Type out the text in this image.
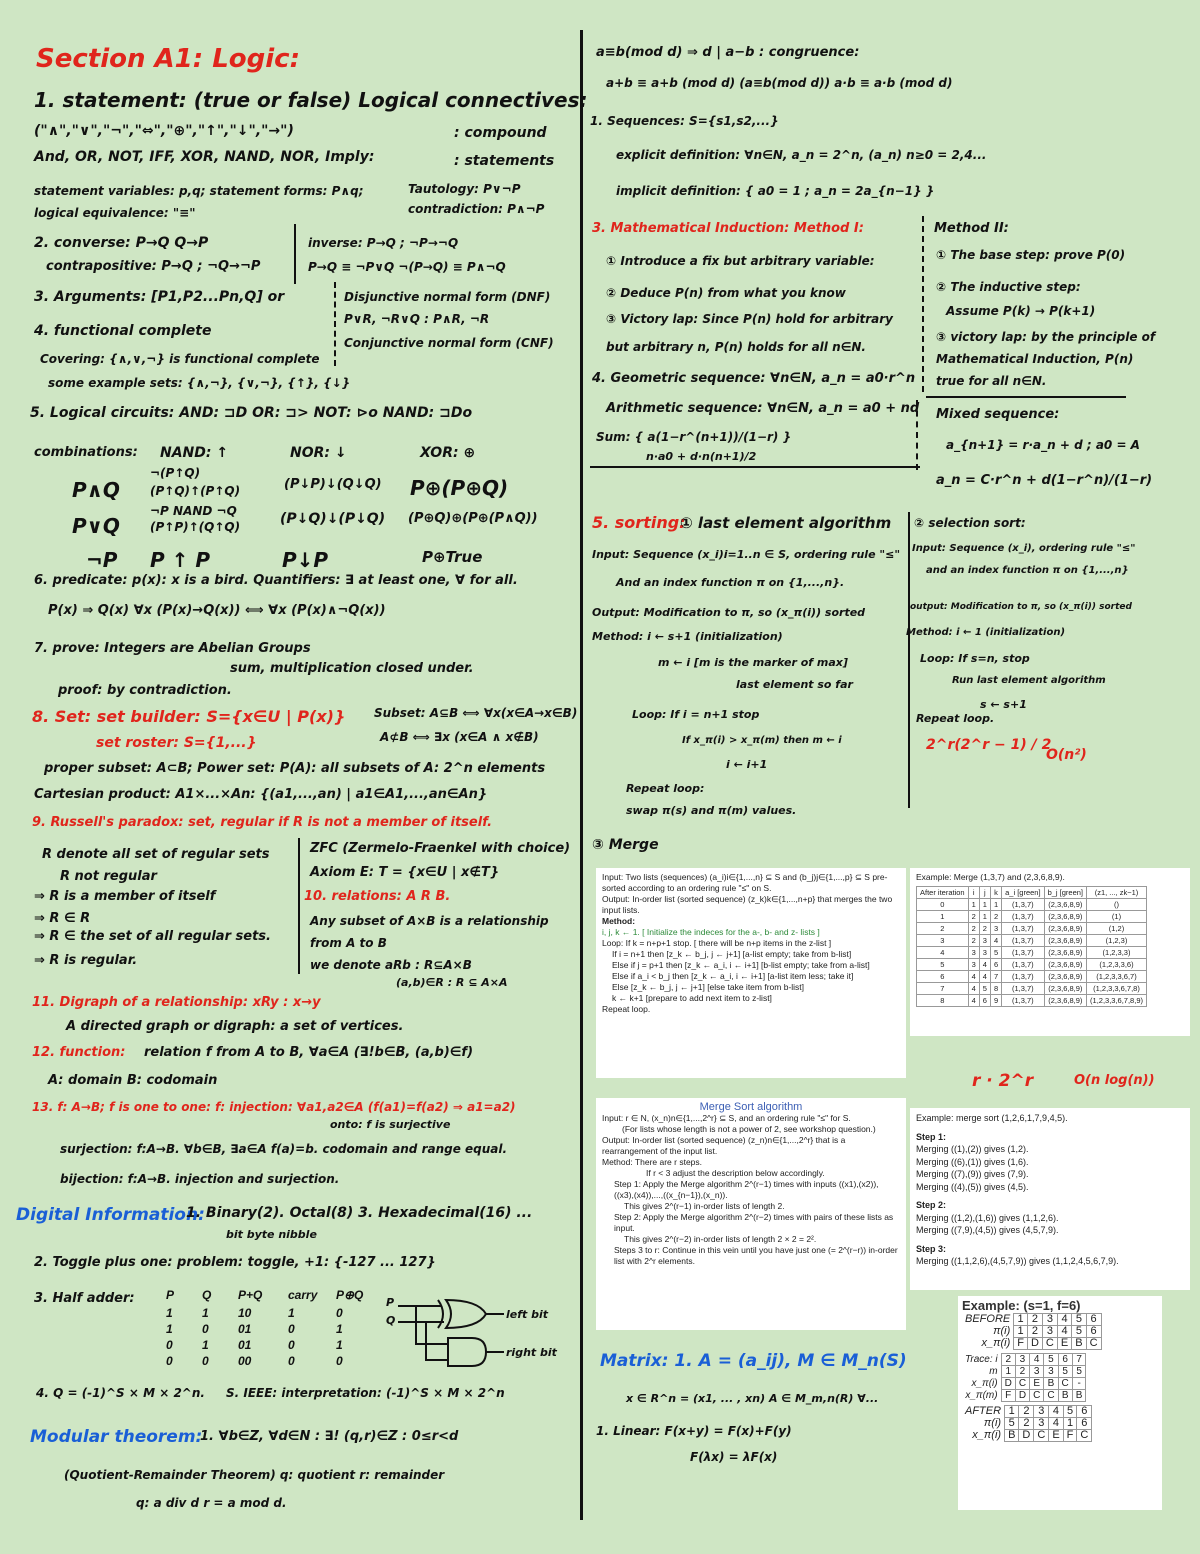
Section A1: Logic:
1. statement: (true or false) Logical connectives:
("∧","∨","¬","⇔","⊕","↑","↓","→")	: compound
And, OR, NOT, IFF, XOR, NAND, NOR, Imply:	: statements
statement variables: p,q; statement forms: P∧q;	Tautology: P∨¬P
logical equivalence: "≡"	contradiction: P∧¬P
2. converse: P→Q Q→P	inverse: P→Q ; ¬P→¬Q
contrapositive: P→Q ; ¬Q→¬P	P→Q ≡ ¬P∨Q ¬(P→Q) ≡ P∧¬Q
3. Arguments: [P1,P2...Pn,Q] or	Disjunctive normal form (DNF)
P∨R, ¬R∨Q : P∧R, ¬R
4. functional complete
Conjunctive normal form (CNF)
Covering: {∧,∨,¬} is functional complete
some example sets: {∧,¬}, {∨,¬}, {↑}, {↓}
5. Logical circuits: AND: ⊐D OR: ⊐> NOT: ⊳o NAND: ⊐Do
combinations: NAND: ↑	NOR: ↓	XOR: ⊕
¬(P↑Q)
P∧Q	(P↑Q)↑(P↑Q)	(P↓P)↓(Q↓Q) P⊕(P⊕Q)
¬P NAND ¬Q
P∨Q	(P↑P)↑(Q↑Q)	(P↓Q)↓(P↓Q) (P⊕Q)⊕(P⊕(P∧Q))
¬P P ↑ P	P↓P	P⊕True
6. predicate: p(x): x is a bird. Quantifiers: ∃ at least one, ∀ for all.
P(x) ⇒ Q(x) ∀x (P(x)→Q(x)) ⟺ ∀x (P(x)∧¬Q(x))
7. prove: Integers are Abelian Groups
sum, multiplication closed under.
proof: by contradiction.
8. Set: set builder: S={x∈U | P(x)} Subset: A⊆B ⟺ ∀x(x∈A→x∈B)
set roster: S={1,...}	A⊄B ⟺ ∃x (x∈A ∧ x∉B)
proper subset: A⊂B; Power set: P(A): all subsets of A: 2^n elements
Cartesian product: A1×...×An: {(a1,...,an) | a1∈A1,...,an∈An}
9. Russell's paradox: set, regular if R is not a member of itself.
R denote all set of regular sets	ZFC (Zermelo-Fraenkel with choice)
R not regular	Axiom E: T = {x∈U | x∉T}
⇒ R is a member of itself	10. relations: A R B.
⇒ R ∈ R	Any subset of A×B is a relationship
⇒ R ∈ the set of all regular sets.	from A to B
⇒ R is regular.	we denote aRb : R⊆A×B
(a,b)∈R : R ⊆ A×A
11. Digraph of a relationship: xRy : x→y
A directed graph or digraph: a set of vertices.
12. function: relation f from A to B, ∀a∈A (∃!b∈B, (a,b)∈f)
A: domain B: codomain
13. f: A→B; f is one to one: f: injection: ∀a1,a2∈A (f(a1)=f(a2) ⇒ a1=a2)
onto: f is surjective
surjection: f:A→B. ∀b∈B, ∃a∈A f(a)=b. codomain and range equal.
bijection: f:A→B. injection and surjection.
Digital Information:
1. Binary(2). Octal(8) 3. Hexadecimal(16) ...
bit byte nibble
2. Toggle plus one: problem: toggle, +1: {-127 ... 127}
3. Half adder:	P	Q	P+Q	carry	P⊕Q
1	1	10	1	0
1	0	01	0	1
0	1	01	0	1
0	0	00	0	0
P
Q	left bit
right bit
4. Q = (-1)^S × M × 2^n. S. IEEE: interpretation: (-1)^S × M × 2^n
Modular theorem:
1. ∀b∈Z, ∀d∈N : ∃! (q,r)∈Z : 0≤r<d
(Quotient-Remainder Theorem) q: quotient r: remainder
q: a div d r = a mod d.
a≡b(mod d) ⇒ d | a−b : congruence:
a+b ≡ a+b (mod d) (a≡b(mod d)) a·b ≡ a·b (mod d)
1. Sequences: S={s1,s2,...}
explicit definition: ∀n∈N, a_n = 2^n, (a_n) n≥0 = 2,4...
implicit definition: { a0 = 1 ; a_n = 2a_{n−1} }
3. Mathematical Induction: Method I:	Method II:
① Introduce a fix but arbitrary variable:	① The base step: prove P(0)
② Deduce P(n) from what you know	② The inductive step:
③ Victory lap: Since P(n) hold for arbitrary
Assume P(k) → P(k+1)
but arbitrary n, P(n) holds for all n∈N.
③ victory lap: by the principle of
Mathematical Induction, P(n)
true for all n∈N.
4. Geometric sequence: ∀n∈N, a_n = a0·r^n
Arithmetic sequence: ∀n∈N, a_n = a0 + nd
Sum: { a(1−r^(n+1))/(1−r) }
n·a0 + d·n(n+1)/2
Mixed sequence:
a_{n+1} = r·a_n + d ; a0 = A
a_n = C·r^n + d(1−r^n)/(1−r)
5. sorting:
① last element algorithm ② selection sort:
Input: Sequence (x_i)i=1..n ∈ S, ordering rule "≤" Input: Sequence (x_i), ordering rule "≤"
And an index function π on {1,...,n}.
and an index function π on {1,...,n}
Output: Modification to π, so (x_π(i)) sorted	output: Modification to π, so (x_π(i)) sorted
Method: i ← s+1 (initialization)	Method: i ← 1 (initialization)
m ← i [m is the marker of max]	Loop: If s=n, stop
last element so far	Run last element algorithm
Loop: If i = n+1 stop
s ← s+1
If x_π(i) > x_π(m) then m ← i
Repeat loop.
i ← i+1
2^r(2^r − 1) / 2
O(n²)
Repeat loop:
swap π(s) and π(m) values.
③ Merge
r · 2^r	O(n log(n))
Matrix: 1. A = (a_ij), M ∈ M_n(S)
x ∈ R^n = (x1, ... , xn) A ∈ M_m,n(R) ∀...
1. Linear: F(x+y) = F(x)+F(y)
F(λx) = λF(x)
Input: Two lists (sequences) (a_i)i∈{1,...,n} ⊆ S and (b_j)j∈{1,...,p} ⊆ S pre-sorted according to an ordering rule "≤" on S.
Output: In-order list (sorted sequence) (z_k)k∈{1,...,n+p} that merges the two input lists.
Method:
i, j, k ← 1. [ Initialize the indeces for the a-, b- and z- lists ]
Loop: If k = n+p+1 stop. [ there will be n+p items in the z-list ]
If i = n+1 then [z_k ← b_j, j ← j+1] [a-list empty; take from b-list]
Else if j = p+1 then [z_k ← a_i, i ← i+1] [b-list empty; take from a-list]
Else if a_i < b_j then [z_k ← a_i, i ← i+1] [a-list item less; take it]
Else [z_k ← b_j, j ← j+1] [else take item from b-list]
k ← k+1 [prepare to add next item to z-list]
Repeat loop.
Example: Merge (1,3,7) and (2,3,6,8,9).
After iteration	i	j	k	a_i [green]	b_j [green]	(z1, ..., zk−1)
0	1	1	1	(1,3,7)	(2,3,6,8,9)	()
1	2	1	2	(1,3,7)	(2,3,6,8,9)	(1)
2	2	2	3	(1,3,7)	(2,3,6,8,9)	(1,2)
3	2	3	4	(1,3,7)	(2,3,6,8,9)	(1,2,3)
4	3	3	5	(1,3,7)	(2,3,6,8,9)	(1,2,3,3)
5	3	4	6	(1,3,7)	(2,3,6,8,9)	(1,2,3,3,6)
6	4	4	7	(1,3,7)	(2,3,6,8,9)	(1,2,3,3,6,7)
7	4	5	8	(1,3,7)	(2,3,6,8,9)	(1,2,3,3,6,7,8)
8	4	6	9	(1,3,7)	(2,3,6,8,9)	(1,2,3,3,6,7,8,9)
Merge Sort algorithm
Input: r ∈ N, (x_n)n∈{1,...,2^r} ⊆ S, and an ordering rule "≤" for S.
(For lists whose length is not a power of 2, see workshop question.)
Output: In-order list (sorted sequence) (z_n)n∈{1,...,2^r} that is a rearrangement of the input list.
Method: There are r steps.
If r < 3 adjust the description below accordingly.
Step 1: Apply the Merge algorithm 2^(r−1) times with inputs ((x1),(x2)), ((x3),(x4)),...,((x_{n−1}),(x_n)).
This gives 2^(r−1) in-order lists of length 2.
Step 2: Apply the Merge algorithm 2^(r−2) times with pairs of these lists as input.
This gives 2^(r−2) in-order lists of length 2 × 2 = 2².
Steps 3 to r: Continue in this vein until you have just one (= 2^(r−r)) in-order list with 2^r elements.
Example: merge sort (1,2,6,1,7,9,4,5).
Step 1:
Merging ((1),(2)) gives (1,2).
Merging ((6),(1)) gives (1,6).
Merging ((7),(9)) gives (7,9).
Merging ((4),(5)) gives (4,5).
Step 2:
Merging ((1,2),(1,6)) gives (1,1,2,6).
Merging ((7,9),(4,5)) gives (4,5,7,9).
Step 3:
Merging ((1,1,2,6),(4,5,7,9)) gives (1,1,2,4,5,6,7,9).
Example: (s=1, f=6)
BEFORE	1	2	3	4	5	6
π(i)	1	2	3	4	5	6
x_π(i)	F	D	C	E	B	C
Trace: i	2	3	4	5	6	7
m	1	2	3	3	5	5
x_π(i)	D	C	E	B	C	-
x_π(m)	F	D	C	C	B	B
AFTER	1	2	3	4	5	6
π(i)	5	2	3	4	1	6
x_π(i)	B	D	C	E	F	C
